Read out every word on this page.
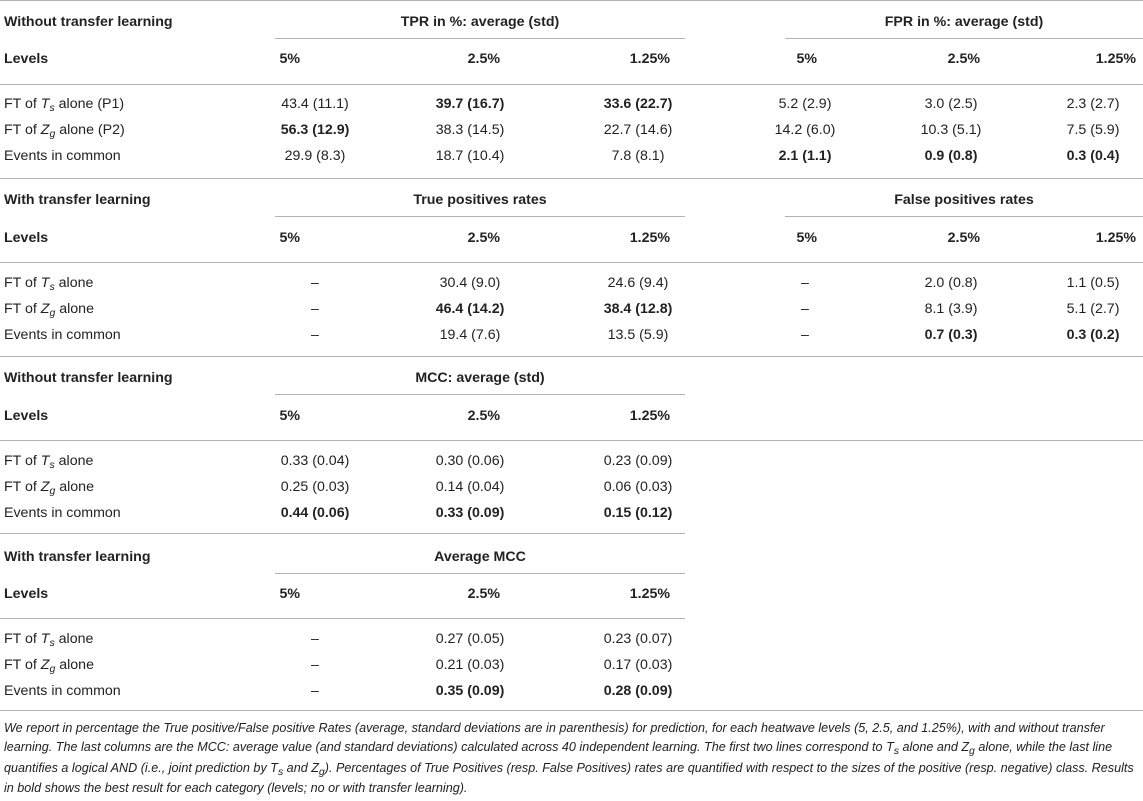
Without transfer learning	TPR in %: average (std)	FPR in %: average (std)
Levels	5%	2.5%	1.25%	5%	2.5%	1.25%
FT of $T_s$ alone (P1)	43.4 (11.1)	39.7 (16.7)	33.6 (22.7)	5.2 (2.9)	3.0 (2.5)	2.3 (2.7)
FT of $Z_g$ alone (P2)	56.3 (12.9)	38.3 (14.5)	22.7 (14.6)	14.2 (6.0)	10.3 (5.1)	7.5 (5.9)
Events in common	29.9 (8.3)	18.7 (10.4)	7.8 (8.1)	2.1 (1.1)	0.9 (0.8)	0.3 (0.4)
With transfer learning	True positives rates	False positives rates
Levels	5%	2.5%	1.25%	5%	2.5%	1.25%
FT of $T_s$ alone	–	30.4 (9.0)	24.6 (9.4)	–	2.0 (0.8)	1.1 (0.5)
FT of $Z_g$ alone	–	46.4 (14.2)	38.4 (12.8)	–	8.1 (3.9)	5.1 (2.7)
Events in common	–	19.4 (7.6)	13.5 (5.9)	–	0.7 (0.3)	0.3 (0.2)
Without transfer learning	MCC: average (std)
Levels	5%	2.5%	1.25%
FT of $T_s$ alone	0.33 (0.04)	0.30 (0.06)	0.23 (0.09)
FT of $Z_g$ alone	0.25 (0.03)	0.14 (0.04)	0.06 (0.03)
Events in common	0.44 (0.06)	0.33 (0.09)	0.15 (0.12)
With transfer learning	Average MCC
Levels	5%	2.5%	1.25%
FT of $T_s$ alone	–	0.27 (0.05)	0.23 (0.07)
FT of $Z_g$ alone	–	0.21 (0.03)	0.17 (0.03)
Events in common	–	0.35 (0.09)	0.28 (0.09)
We report in percentage the True positive/False positive Rates (average, standard deviations are in parenthesis) for prediction, for each heatwave levels (5, 2.5, and 1.25%), with and without transfer learning. The last columns are the MCC: average value (and standard deviations) calculated across 40 independent learning. The first two lines correspond to $T_s$ alone and $Z_g$ alone, while the last line quantifies a logical AND (i.e., joint prediction by $T_s$ and $Z_g$). Percentages of True Positives (resp. False Positives) rates are quantified with respect to the sizes of the positive (resp. negative) class. Results in bold shows the best result for each category (levels; no or with transfer learning).
